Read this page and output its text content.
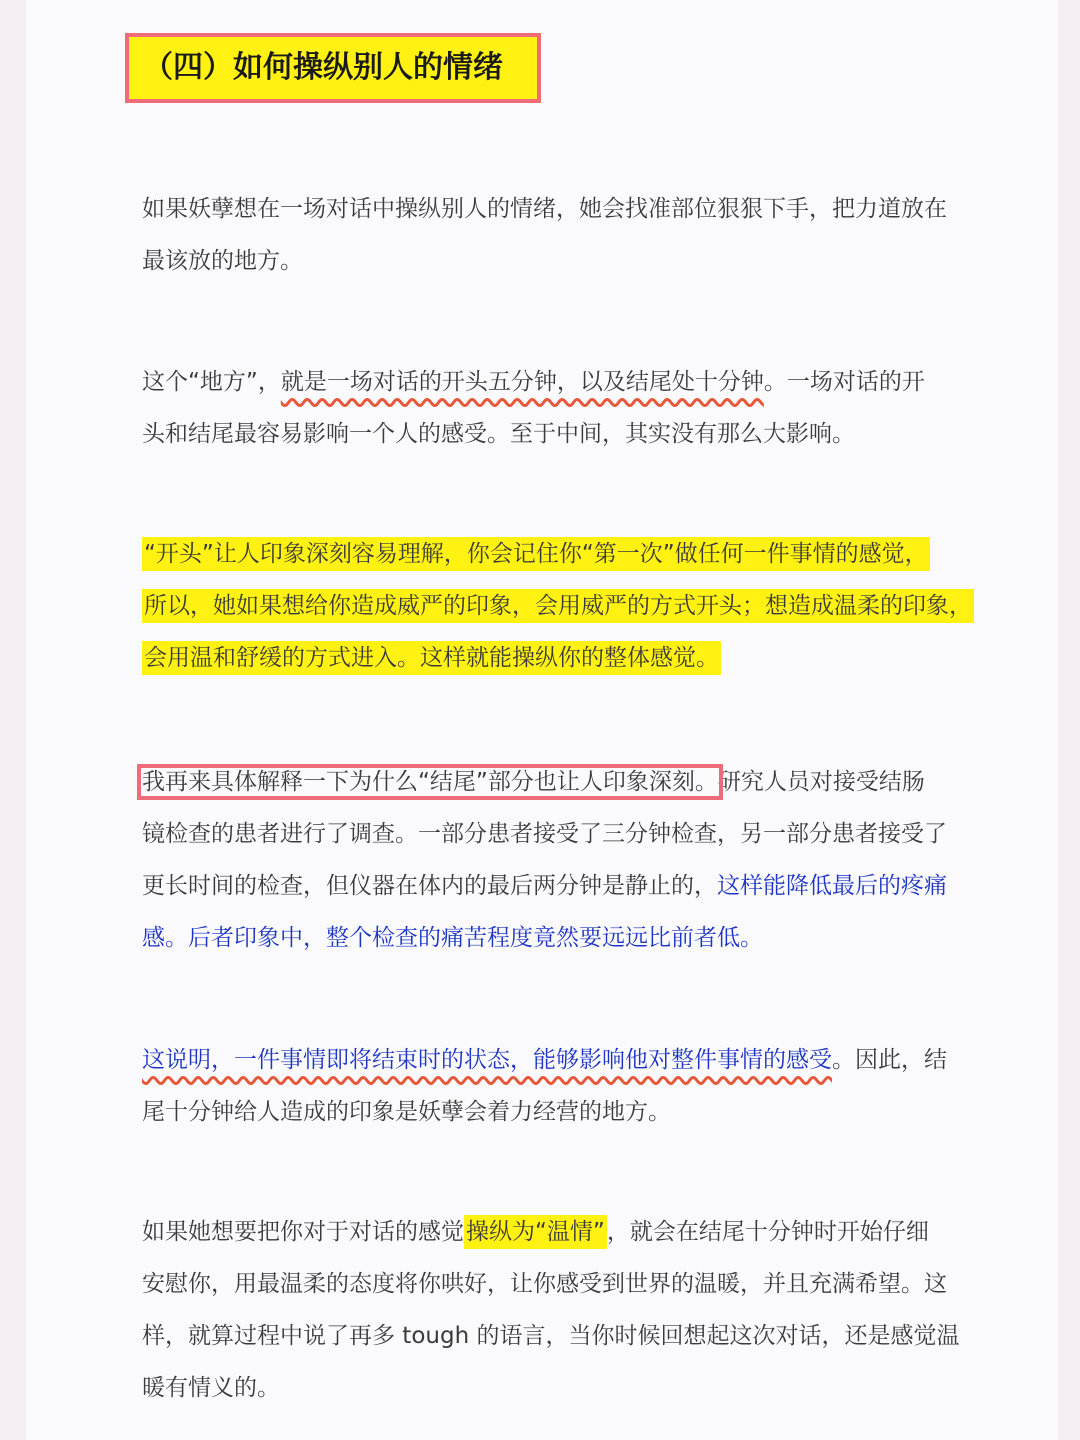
（四）如何操纵别人的情绪
如果妖孽想在一场对话中操纵别人的情绪，她会找准部位狠狠下手，把力道放在
最该放的地方。
这个“地方”，就是一场对话的开头五分钟，以及结尾处十分钟。一场对话的开
头和结尾最容易影响一个人的感受。至于中间，其实没有那么大影响。
“开头”让人印象深刻容易理解，你会记住你“第一次”做任何一件事情的感觉，
所以，她如果想给你造成威严的印象，会用威严的方式开头；想造成温柔的印象，
会用温和舒缓的方式进入。这样就能操纵你的整体感觉。
我再来具体解释一下为什么“结尾”部分也让人印象深刻。研究人员对接受结肠
镜检查的患者进行了调查。一部分患者接受了三分钟检查，另一部分患者接受了
更长时间的检查，但仪器在体内的最后两分钟是静止的，这样能降低最后的疼痛
感。后者印象中，整个检查的痛苦程度竟然要远远比前者低。
这说明，一件事情即将结束时的状态，能够影响他对整件事情的感受。因此，结
尾十分钟给人造成的印象是妖孽会着力经营的地方。
如果她想要把你对于对话的感觉操纵为“温情”，就会在结尾十分钟时开始仔细
安慰你，用最温柔的态度将你哄好，让你感受到世界的温暖，并且充满希望。这
样，就算过程中说了再多 tough 的语言，当你时候回想起这次对话，还是感觉温
暖有情义的。
